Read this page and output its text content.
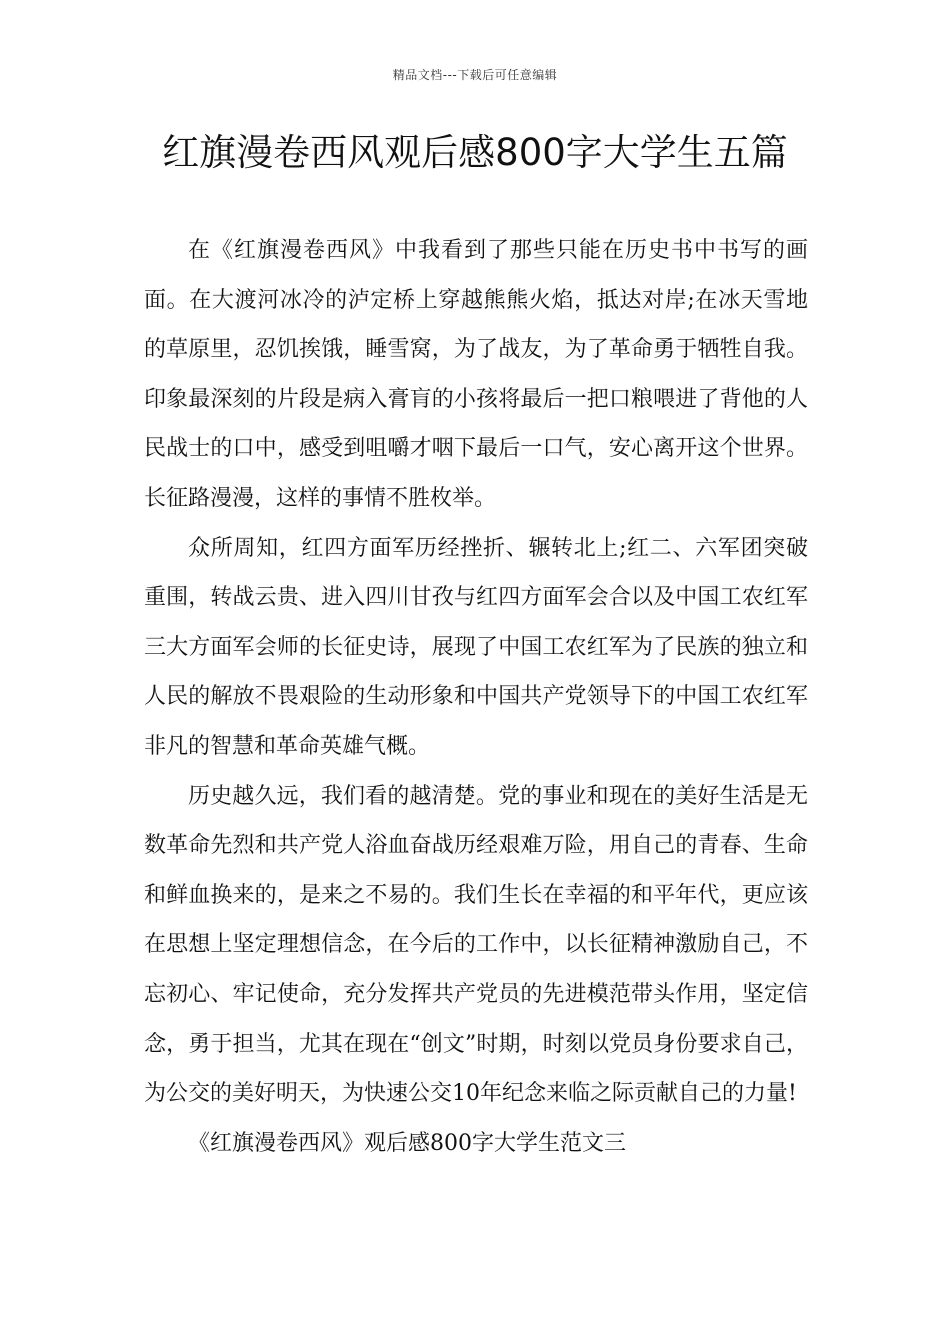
精品文档---下载后可任意编辑
红旗漫卷西风观后感800字大学生五篇

在《红旗漫卷西风》中我看到了那些只能在历史书中书写的画面。在大渡河冰冷的泸定桥上穿越熊熊火焰，抵达对岸;在冰天雪地的草原里，忍饥挨饿，睡雪窝，为了战友，为了革命勇于牺牲自我。印象最深刻的片段是病入膏肓的小孩将最后一把口粮喂进了背他的人民战士的口中，感受到咀嚼才咽下最后一口气，安心离开这个世界。长征路漫漫，这样的事情不胜枚举。

众所周知，红四方面军历经挫折、辗转北上;红二、六军团突破重围，转战云贵、进入四川甘孜与红四方面军会合以及中国工农红军三大方面军会师的长征史诗，展现了中国工农红军为了民族的独立和人民的解放不畏艰险的生动形象和中国共产党领导下的中国工农红军非凡的智慧和革命英雄气概。

历史越久远，我们看的越清楚。党的事业和现在的美好生活是无数革命先烈和共产党人浴血奋战历经艰难万险，用自己的青春、生命和鲜血换来的，是来之不易的。我们生长在幸福的和平年代，更应该在思想上坚定理想信念，在今后的工作中，以长征精神激励自己，不忘初心、牢记使命，充分发挥共产党员的先进模范带头作用，坚定信念，勇于担当，尤其在现在“创文”时期，时刻以党员身份要求自己，为公交的美好明天，为快速公交10年纪念来临之际贡献自己的力量!

《红旗漫卷西风》观后感800字大学生范文三
